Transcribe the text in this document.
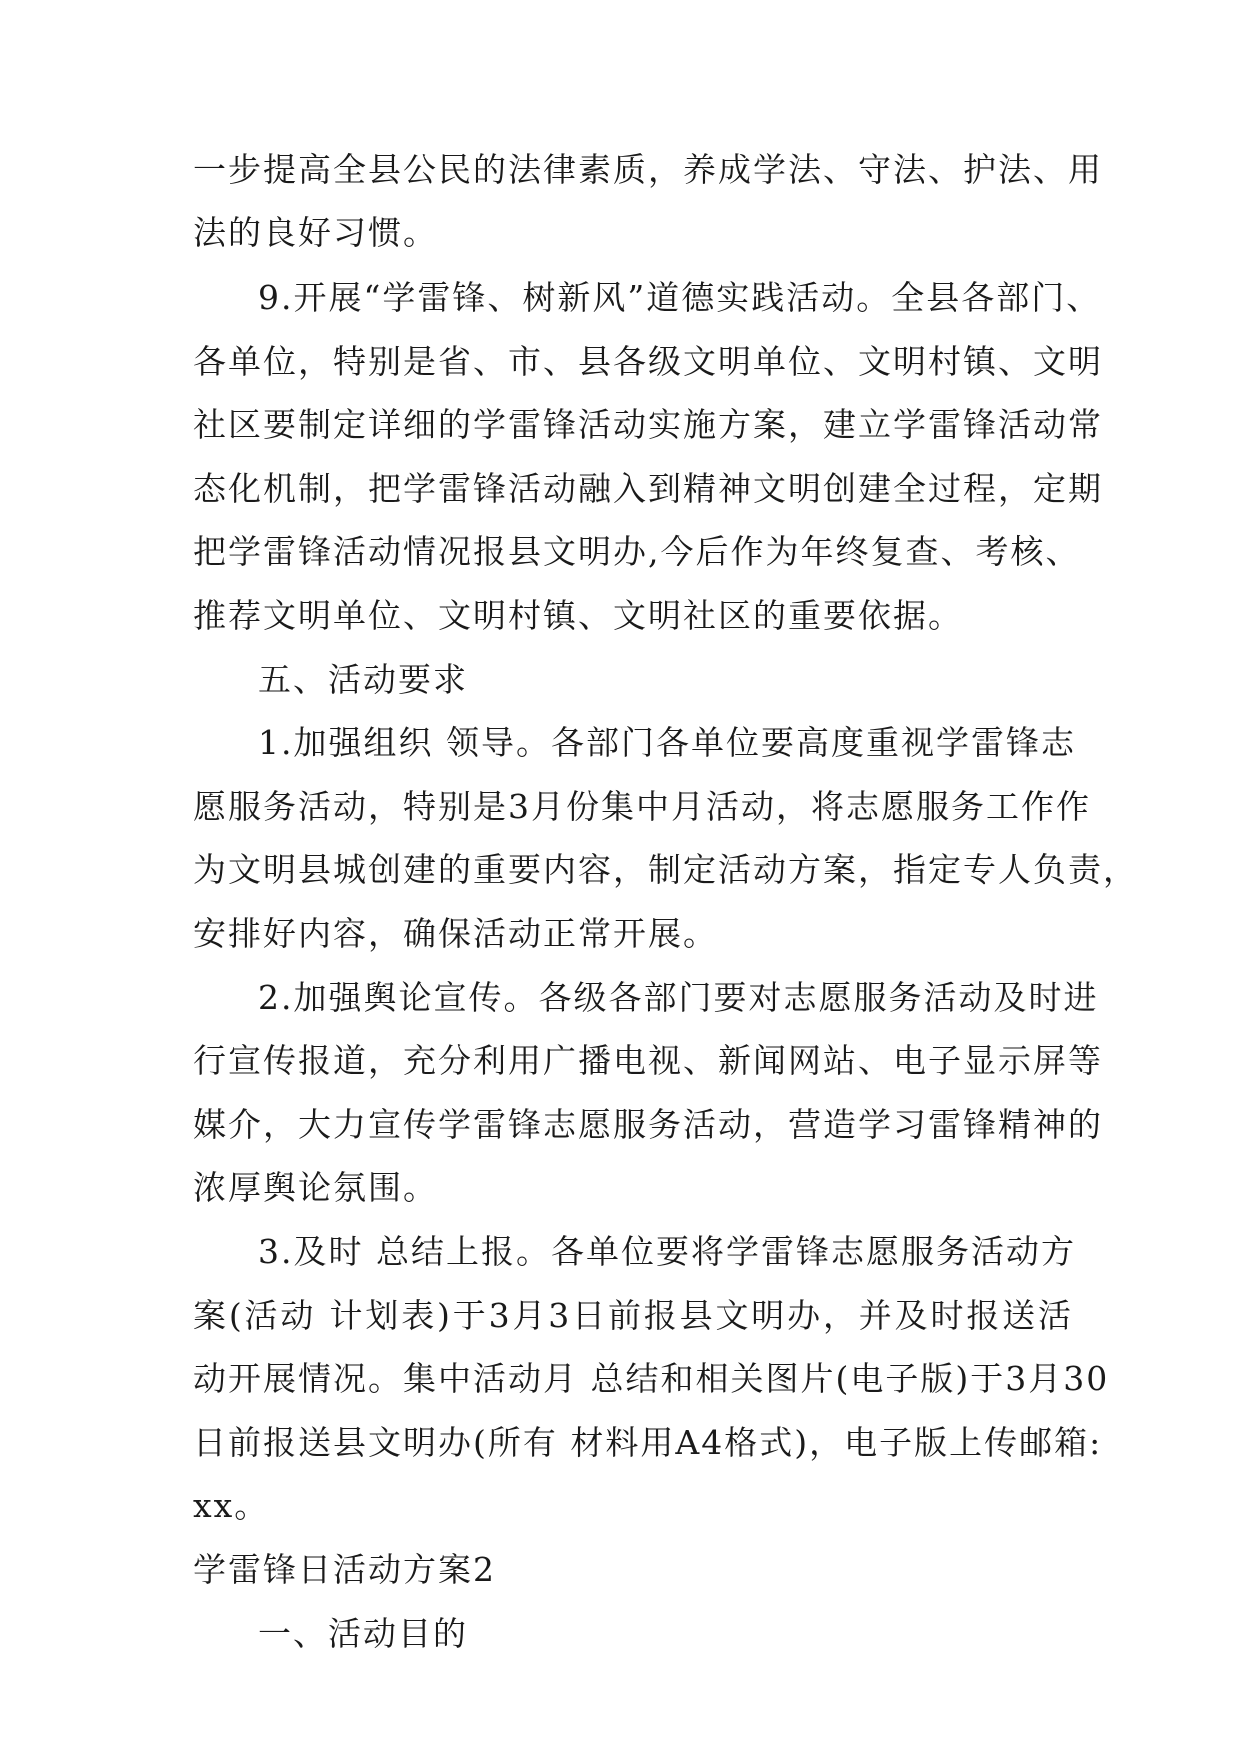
一步提高全县公民的法律素质，养成学法、守法、护法、用
法的良好习惯。
9.开展“学雷锋、树新风”道德实践活动。全县各部门、
各单位，特别是省、市、县各级文明单位、文明村镇、文明
社区要制定详细的学雷锋活动实施方案，建立学雷锋活动常
态化机制，把学雷锋活动融入到精神文明创建全过程，定期
把学雷锋活动情况报县文明办,今后作为年终复查、考核、
推荐文明单位、文明村镇、文明社区的重要依据。
五、活动要求
1.加强组织 领导。各部门各单位要高度重视学雷锋志
愿服务活动，特别是3月份集中月活动，将志愿服务工作作
为文明县城创建的重要内容，制定活动方案，指定专人负责，
安排好内容，确保活动正常开展。
2.加强舆论宣传。各级各部门要对志愿服务活动及时进
行宣传报道，充分利用广播电视、新闻网站、电子显示屏等
媒介，大力宣传学雷锋志愿服务活动，营造学习雷锋精神的
浓厚舆论氛围。
3.及时 总结上报。各单位要将学雷锋志愿服务活动方
案(活动 计划表)于3月3日前报县文明办，并及时报送活
动开展情况。集中活动月 总结和相关图片(电子版)于3月30
日前报送县文明办(所有 材料用A4格式)，电子版上传邮箱:
xx。
学雷锋日活动方案2
一、活动目的
